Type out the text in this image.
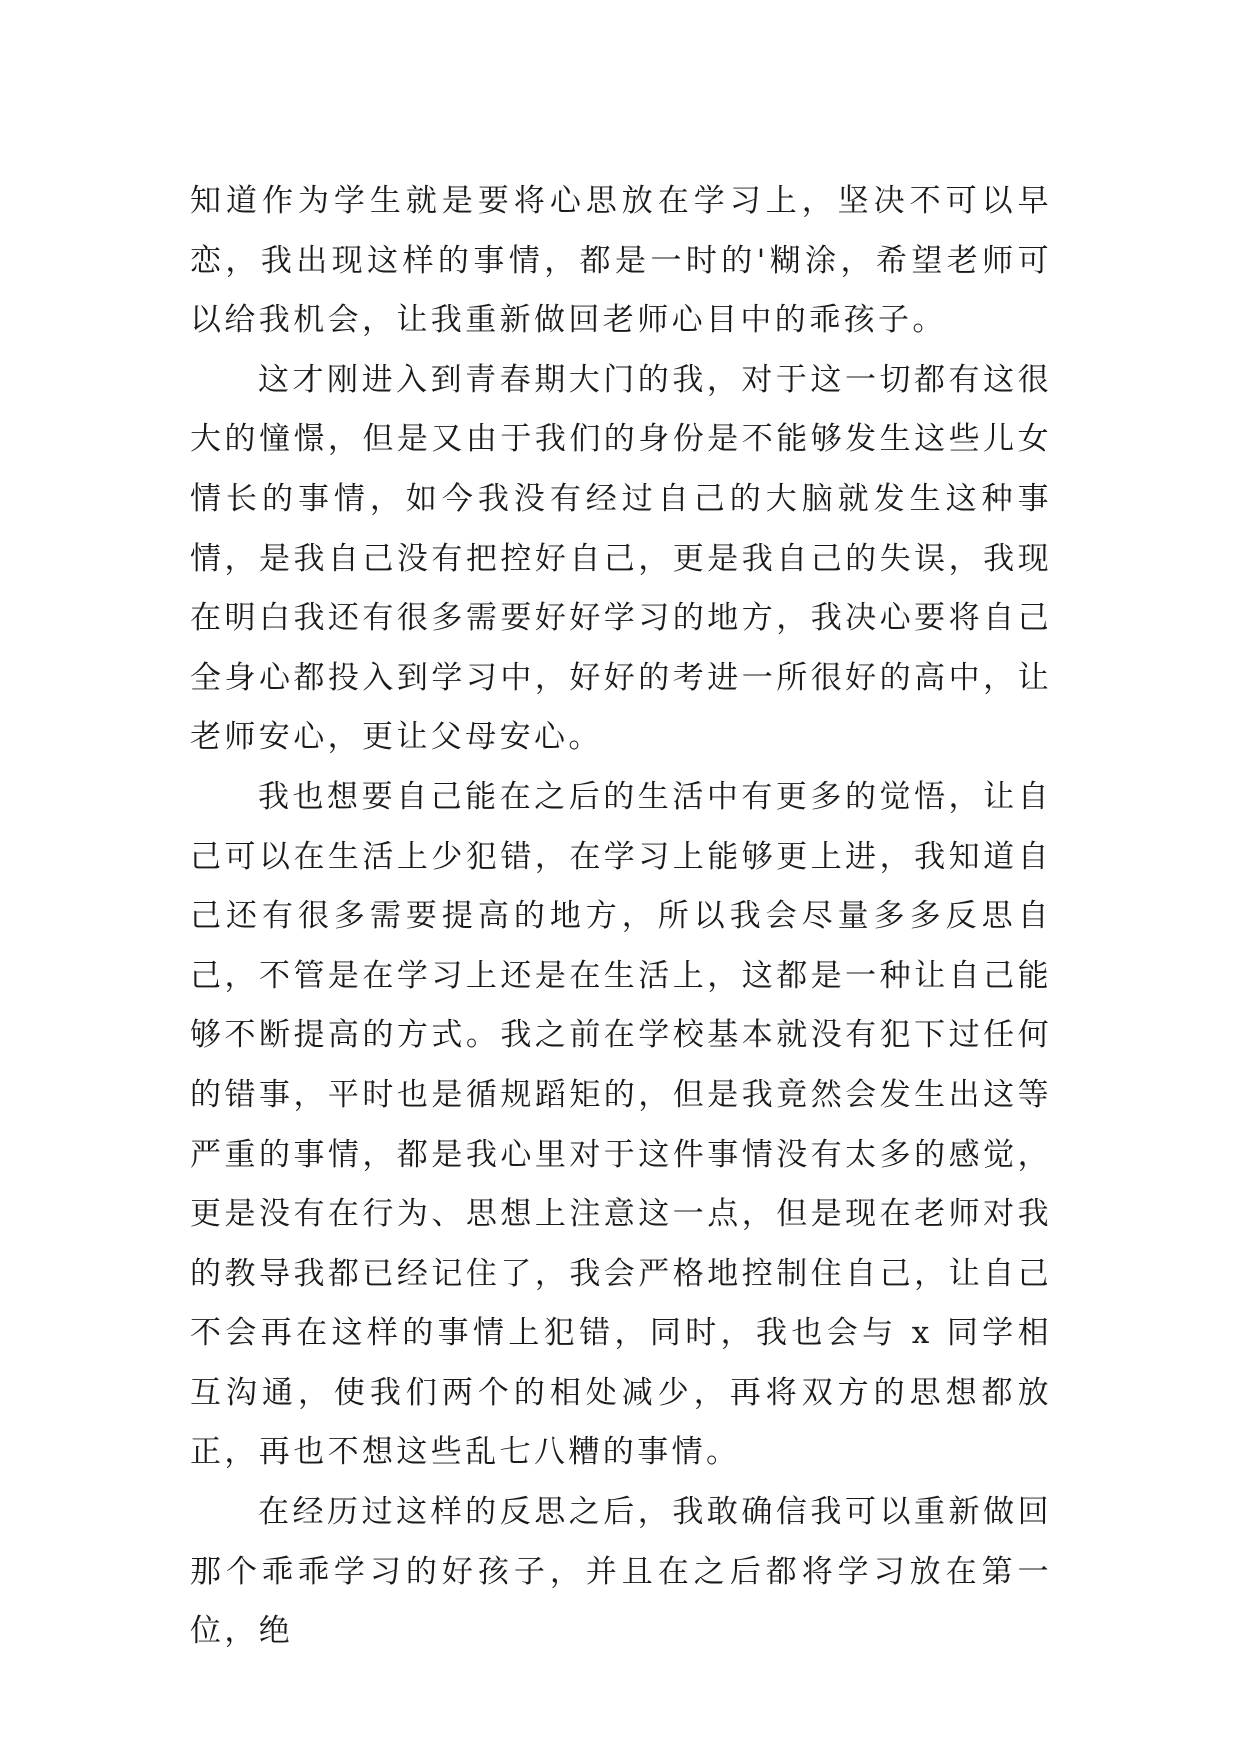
知道作为学生就是要将心思放在学习上，坚决不可以早恋，我出现这样的事情，都是一时的'糊涂，希望老师可以给我机会，让我重新做回老师心目中的乖孩子。

这才刚进入到青春期大门的我，对于这一切都有这很大的憧憬，但是又由于我们的身份是不能够发生这些儿女情长的事情，如今我没有经过自己的大脑就发生这种事情，是我自己没有把控好自己，更是我自己的失误，我现在明白我还有很多需要好好学习的地方，我决心要将自己全身心都投入到学习中，好好的考进一所很好的高中，让老师安心，更让父母安心。

我也想要自己能在之后的生活中有更多的觉悟，让自己可以在生活上少犯错，在学习上能够更上进，我知道自己还有很多需要提高的地方，所以我会尽量多多反思自己，不管是在学习上还是在生活上，这都是一种让自己能够不断提高的方式。我之前在学校基本就没有犯下过任何的错事，平时也是循规蹈矩的，但是我竟然会发生出这等严重的事情，都是我心里对于这件事情没有太多的感觉，更是没有在行为、思想上注意这一点，但是现在老师对我的教导我都已经记住了，我会严格地控制住自己，让自己不会再在这样的事情上犯错，同时，我也会与 x 同学相互沟通，使我们两个的相处减少，再将双方的思想都放正，再也不想这些乱七八糟的事情。

在经历过这样的反思之后，我敢确信我可以重新做回那个乖乖学习的好孩子，并且在之后都将学习放在第一位，绝
